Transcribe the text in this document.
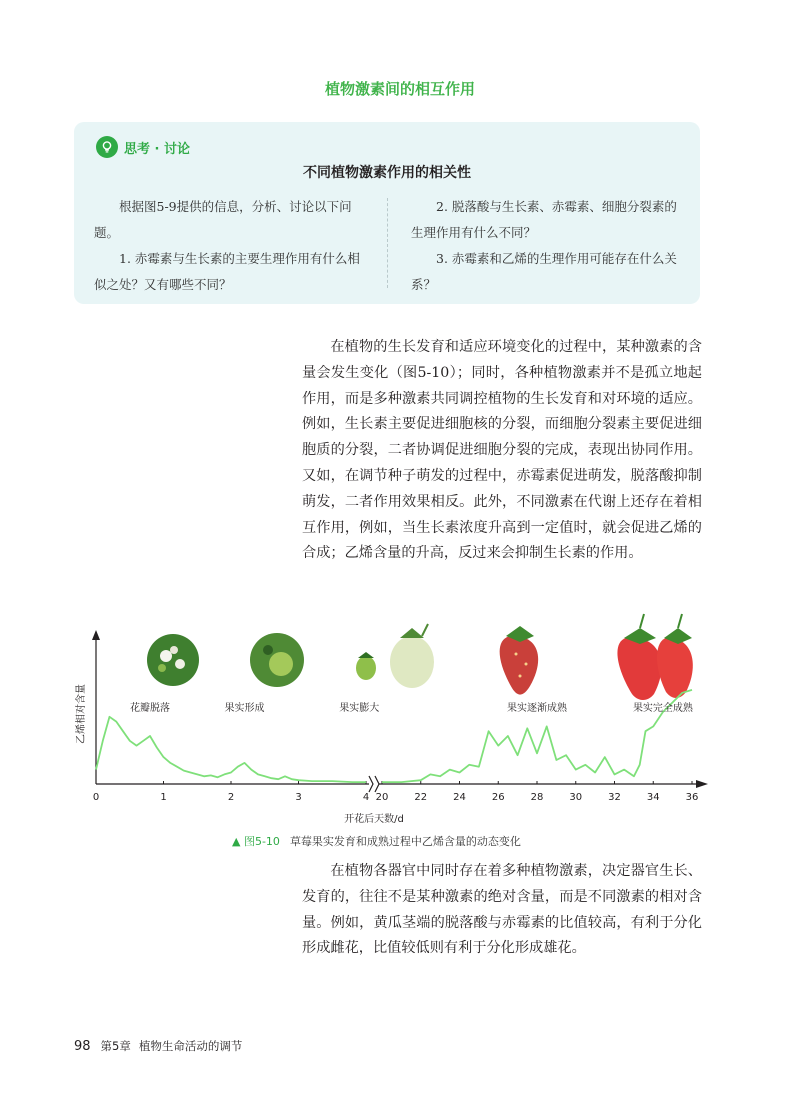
植物激素间的相互作用
思考 · 讨论
不同植物激素作用的相关性

根据图5-9提供的信息，分析、讨论以下问题。

1. 赤霉素与生长素的主要生理作用有什么相似之处？又有哪些不同？

2. 脱落酸与生长素、赤霉素、细胞分裂素的生理作用有什么不同？

3. 赤霉素和乙烯的生理作用可能存在什么关系？

在植物的生长发育和适应环境变化的过程中，某种激素的含量会发生变化（图5-10）；同时，各种植物激素并不是孤立地起作用，而是多种激素共同调控植物的生长发育和对环境的适应。例如，生长素主要促进细胞核的分裂，而细胞分裂素主要促进细胞质的分裂，二者协调促进细胞分裂的完成，表现出协同作用。又如，在调节种子萌发的过程中，赤霉素促进萌发，脱落酸抑制萌发，二者作用效果相反。此外，不同激素在代谢上还存在着相互作用，例如，当生长素浓度升高到一定值时，就会促进乙烯的合成；乙烯含量的升高，反过来会抑制生长素的作用。

0	1	2	3	4 20	22	24	26	28	30	32	34	36
花瓣脱落	果实形成	果实膨大	果实逐渐成熟	果实完全成熟
乙烯相对含量
开花后天数/d
▲ 图5-10 草莓果实发育和成熟过程中乙烯含量的动态变化

在植物各器官中同时存在着多种植物激素，决定器官生长、发育的，往往不是某种激素的绝对含量，而是不同激素的相对含量。例如，黄瓜茎端的脱落酸与赤霉素的比值较高，有利于分化形成雌花，比值较低则有利于分化形成雄花。

98 第5章 植物生命活动的调节
